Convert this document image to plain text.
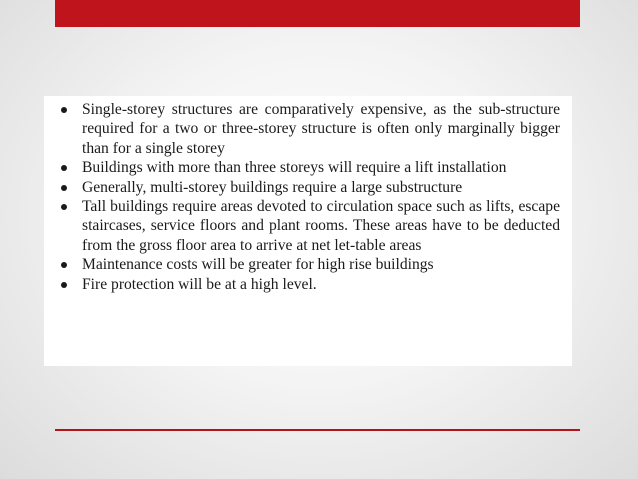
Single-storey structures are comparatively expensive, as the sub-structure required for a two or three-storey structure is often only marginally bigger than for a single storey
Buildings with more than three storeys will require a lift installation
Generally, multi-storey buildings require a large substructure
Tall buildings require areas devoted to circulation space such as lifts, escape staircases, service floors and plant rooms. These areas have to be deducted from the gross floor area to arrive at net let-table areas
Maintenance costs will be greater for high rise buildings
Fire protection will be at a high level.
